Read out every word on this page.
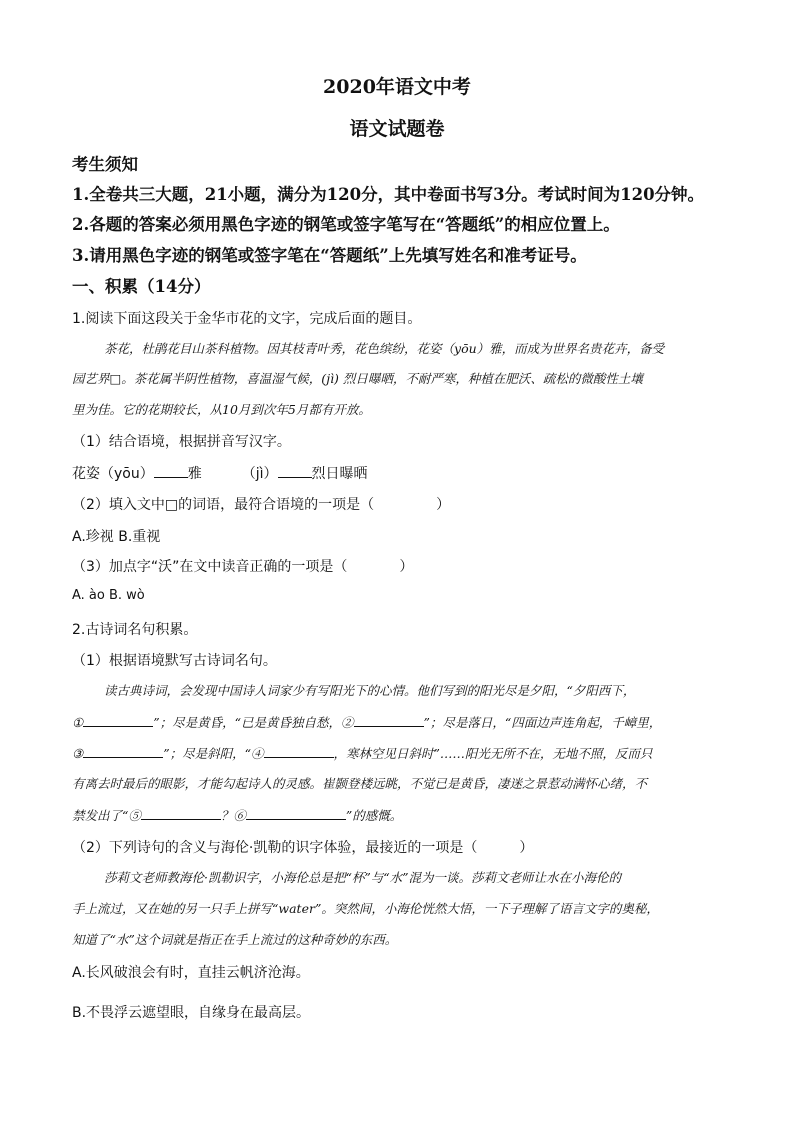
2020年语文中考
语文试题卷
考生须知
1.全卷共三大题，21小题，满分为120分，其中卷面书写3分。考试时间为120分钟。
2.各题的答案必须用黑色字迹的钢笔或签字笔写在“答题纸”的相应位置上。
3.请用黑色字迹的钢笔或签字笔在“答题纸”上先填写姓名和准考证号。
一、积累（14分）
1.阅读下面这段关于金华市花的文字，完成后面的题目。
茶花，杜鹃花目山茶科植物。因其枝青叶秀，花色缤纷，花姿（yōu）雅，而成为世界名贵花卉，备受
园艺界□。茶花属半阴性植物，喜温湿气候，(jì) 烈日曝晒，不耐严寒，种植在肥沃、疏松的微酸性土壤
里为佳。它的花期较长，从10月到次年5月都有开放。
（1）结合语境，根据拼音写汉字。
花姿（yōu） 雅	（jì） 烈日曝晒
（2）填入文中□的词语，最符合语境的一项是（	）
A.珍视 B.重视
（3）加点字“沃”在文中读音正确的一项是（	）
A. ào B. wò
2.古诗词名句积累。
（1）根据语境默写古诗词名句。
读古典诗词，会发现中国诗人词家少有写阳光下的心情。他们写到的阳光尽是夕阳，“夕阳西下，
①	”；尽是黄昏，“已是黄昏独自愁，②	”；尽是落日，“四面边声连角起，千嶂里，
③	”；尽是斜阳，“④	，寒林空见日斜时”……阳光无所不在，无地不照，反而只
有离去时最后的眼影，才能勾起诗人的灵感。崔颢登楼远眺，不觉已是黄昏，凄迷之景惹动满怀心绪，不
禁发出了“⑤	？⑥	”的感慨。
（2）下列诗句的含义与海伦·凯勒的识字体验，最接近的一项是（	）
莎莉文老师教海伦·凯勒识字，小海伦总是把“杯”与“水”混为一谈。莎莉文老师让水在小海伦的
手上流过，又在她的另一只手上拼写“water”。突然间，小海伦恍然大悟，一下子理解了语言文字的奥秘，
知道了“水”这个词就是指正在手上流过的这种奇妙的东西。
A.长风破浪会有时，直挂云帆济沧海。
B.不畏浮云遮望眼，自缘身在最高层。
